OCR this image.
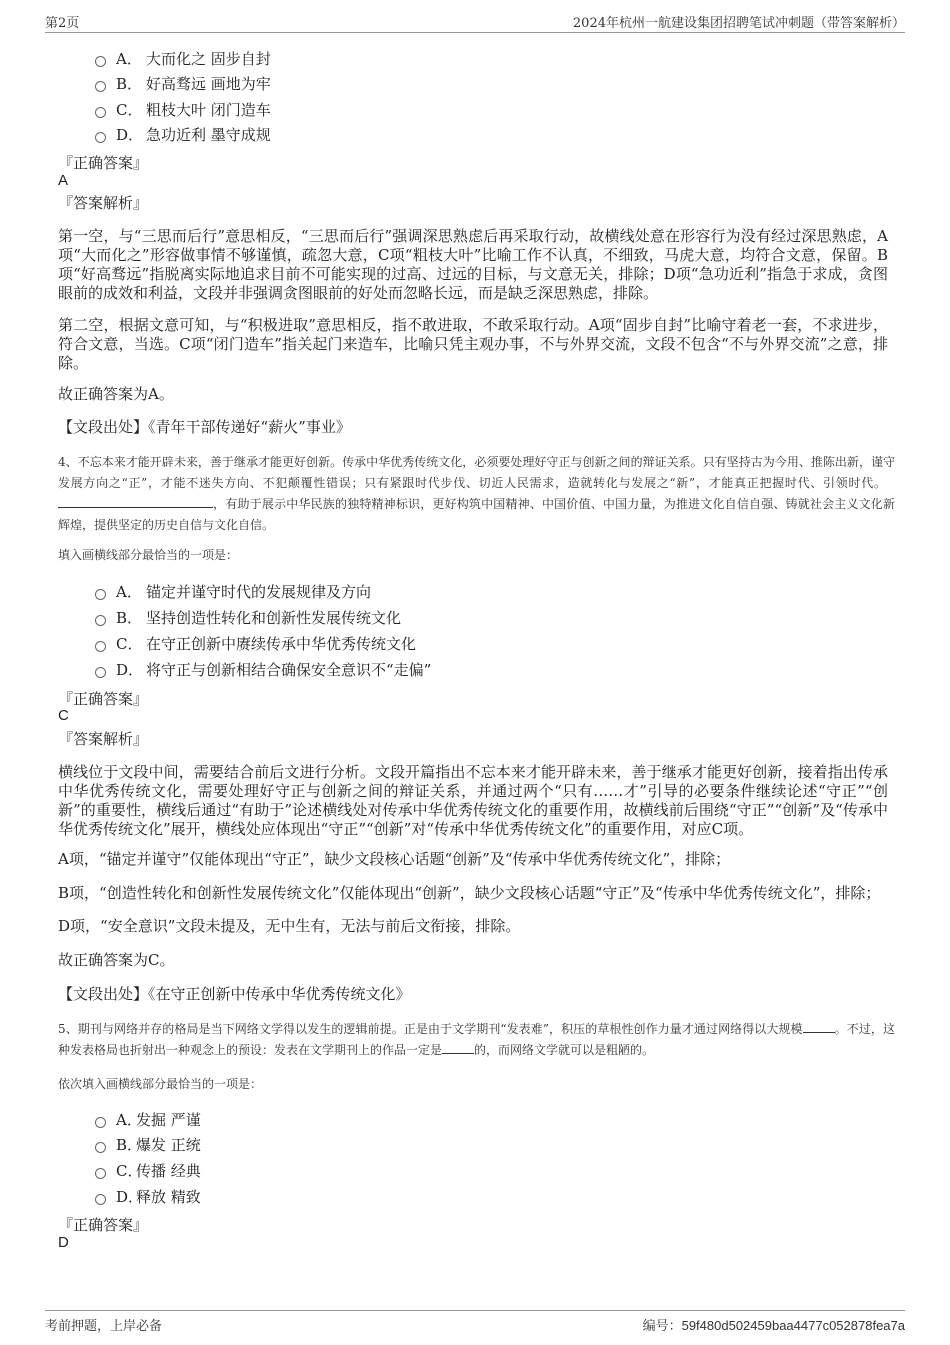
第2页	2024年杭州一航建设集团招聘笔试冲刺题（带答案解析）
A． 大而化之 固步自封
B． 好高骛远 画地为牢
C． 粗枝大叶 闭门造车
D． 急功近利 墨守成规
『正确答案』
A
『答案解析』

第一空，与“三思而后行”意思相反，“三思而后行”强调深思熟虑后再采取行动，故横线处意在形容行为没有经过深思熟虑，A项“大而化之”形容做事情不够谨慎，疏忽大意，C项“粗枝大叶”比喻工作不认真，不细致，马虎大意，均符合文意，保留。B项“好高骛远”指脱离实际地追求目前不可能实现的过高、过远的目标，与文意无关，排除；D项“急功近利”指急于求成，贪图眼前的成效和利益，文段并非强调贪图眼前的好处而忽略长远，而是缺乏深思熟虑，排除。

第二空，根据文意可知，与“积极进取”意思相反，指不敢进取，不敢采取行动。A项“固步自封”比喻守着老一套，不求进步，符合文意，当选。C项“闭门造车”指关起门来造车，比喻只凭主观办事，不与外界交流，文段不包含“不与外界交流”之意，排除。

故正确答案为A。

【文段出处】《青年干部传递好“薪火”事业》

4、不忘本来才能开辟未来，善于继承才能更好创新。传承中华优秀传统文化，必须要处理好守正与创新之间的辩证关系。只有坚持古为今用、推陈出新，谨守发展方向之“正”，才能不迷失方向、不犯颠覆性错误；只有紧跟时代步伐、切近人民需求，造就转化与发展之“新”，才能真正把握时代、引领时代。  ，有助于展示中华民族的独特精神标识，更好构筑中国精神、中国价值、中国力量，为推进文化自信自强、铸就社会主义文化新辉煌，提供坚定的历史自信与文化自信。

填入画横线部分最恰当的一项是：
A． 锚定并谨守时代的发展规律及方向
B． 坚持创造性转化和创新性发展传统文化
C． 在守正创新中赓续传承中华优秀传统文化
D． 将守正与创新相结合确保安全意识不“走偏”
『正确答案』
C
『答案解析』

横线位于文段中间，需要结合前后文进行分析。文段开篇指出不忘本来才能开辟未来，善于继承才能更好创新，接着指出传承中华优秀传统文化，需要处理好守正与创新之间的辩证关系，并通过两个“只有……才”引导的必要条件继续论述“守正”“创新”的重要性，横线后通过“有助于”论述横线处对传承中华优秀传统文化的重要作用，故横线前后围绕“守正”“创新”及“传承中华优秀传统文化”展开，横线处应体现出“守正”“创新”对“传承中华优秀传统文化”的重要作用，对应C项。

A项，“锚定并谨守”仅能体现出“守正”，缺少文段核心话题“创新”及“传承中华优秀传统文化”，排除；

B项，“创造性转化和创新性发展传统文化”仅能体现出“创新”，缺少文段核心话题“守正”及“传承中华优秀传统文化”，排除；

D项，“安全意识”文段未提及，无中生有，无法与前后文衔接，排除。

故正确答案为C。

【文段出处】《在守正创新中传承中华优秀传统文化》

5、期刊与网络并存的格局是当下网络文学得以发生的逻辑前提。正是由于文学期刊“发表难”，积压的草根性创作力量才通过网络得以大规模	。不过，这种发表格局也折射出一种观念上的预设：发表在文学期刊上的作品一定是	的，而网络文学就可以是粗陋的。

依次填入画横线部分最恰当的一项是：
A．
发掘 严谨
B．
爆发 正统
C．
传播 经典
D．
释放 精致
『正确答案』
D
考前押题，上岸必备	编号：59f480d502459baa4477c052878fea7a
